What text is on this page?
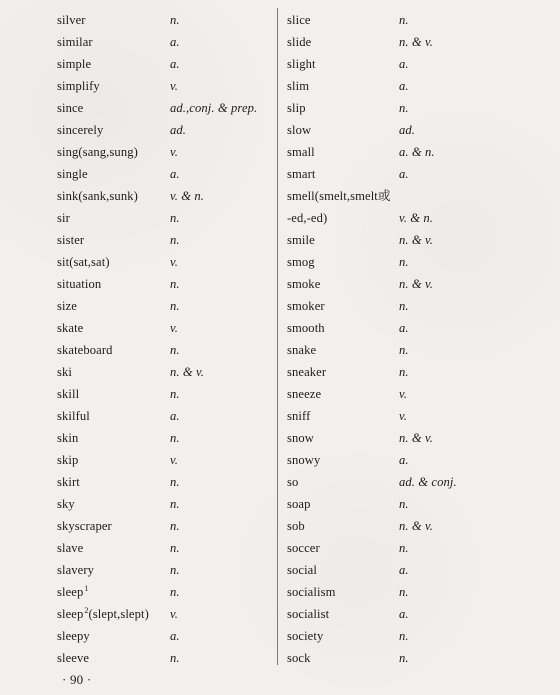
silver	n.
similar	a.
simple	a.
simplify	v.
since	ad.,conj. & prep.
sincerely	ad.
sing(sang,sung)	v.
single	a.
sink(sank,sunk)	v. & n.
sir	n.
sister	n.
sit(sat,sat)	v.
situation	n.
size	n.
skate	v.
skateboard	n.
ski	n. & v.
skill	n.
skilful	a.
skin	n.
skip	v.
skirt	n.
sky	n.
skyscraper	n.
slave	n.
slavery	n.
sleep$^1$	n.
sleep$^2$(slept,slept) v.
sleepy	a.
sleeve	n.
slice	n.
slide	n. & v.
slight	a.
slim	a.
slip	n.
slow	ad.
small	a. & n.
smart	a.
smell(smelt,smelt或
-ed,-ed)	v. & n.
smile	n. & v.
smog	n.
smoke	n. & v.
smoker	n.
smooth	a.
snake	n.
sneaker	n.
sneeze	v.
sniff	v.
snow	n. & v.
snowy	a.
so	ad. & conj.
soap	n.
sob	n. & v.
soccer	n.
social	a.
socialism	n.
socialist	a.
society	n.
sock	n.
· 90 ·
